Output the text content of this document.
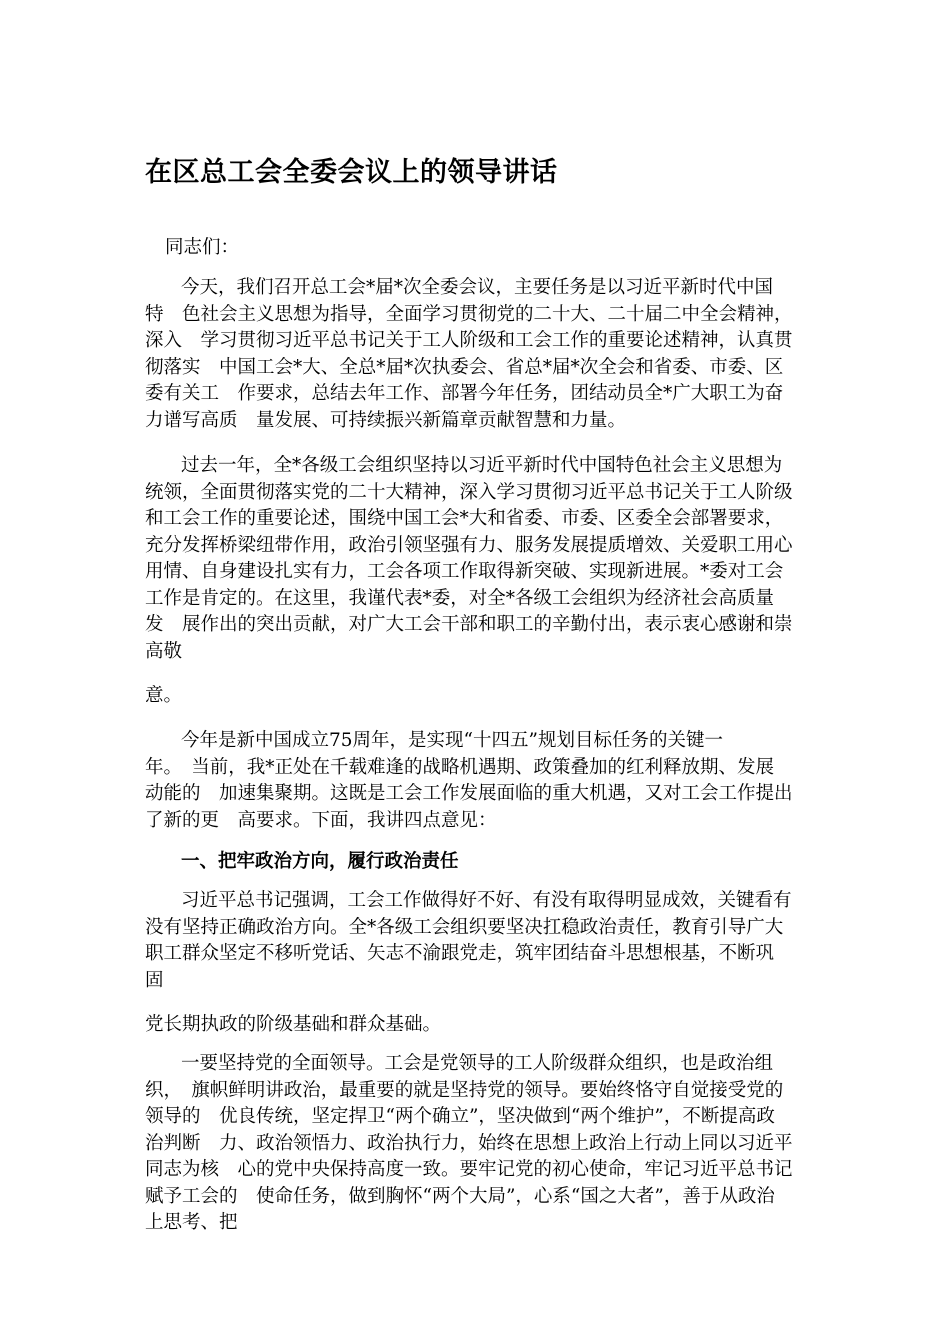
在区总工会全委会议上的领导讲话

同志们：

今天，我们召开总工会*届*次全委会议，主要任务是以习近平新时代中国
特　色社会主义思想为指导，全面学习贯彻党的二十大、二十届二中全会精神，
深入　学习贯彻习近平总书记关于工人阶级和工会工作的重要论述精神，认真贯
彻落实　中国工会*大、全总*届*次执委会、省总*届*次全会和省委、市委、区
委有关工　作要求，总结去年工作、部署今年任务，团结动员全*广大职工为奋
力谱写高质　量发展、可持续振兴新篇章贡献智慧和力量。

过去一年，全*各级工会组织坚持以习近平新时代中国特色社会主义思想为
统领，全面贯彻落实党的二十大精神，深入学习贯彻习近平总书记关于工人阶级
和工会工作的重要论述，围绕中国工会*大和省委、市委、区委全会部署要求，
充分发挥桥梁纽带作用，政治引领坚强有力、服务发展提质增效、关爱职工用心
用情、自身建设扎实有力，工会各项工作取得新突破、实现新进展。*委对工会
工作是肯定的。在这里，我谨代表*委，对全*各级工会组织为经济社会高质量
发　展作出的突出贡献，对广大工会干部和职工的辛勤付出，表示衷心感谢和崇
高敬

意。

今年是新中国成立75周年，是实现“十四五”规划目标任务的关键一
年。　当前，我*正处在千载难逢的战略机遇期、政策叠加的红利释放期、发展
动能的　加速集聚期。这既是工会工作发展面临的重大机遇，又对工会工作提出
了新的更　高要求。下面，我讲四点意见：

一、把牢政治方向，履行政治责任

习近平总书记强调，工会工作做得好不好、有没有取得明显成效，关键看有
没有坚持正确政治方向。全*各级工会组织要坚决扛稳政治责任，教育引导广大
职工群众坚定不移听党话、矢志不渝跟党走，筑牢团结奋斗思想根基，不断巩
固

党长期执政的阶级基础和群众基础。

一要坚持党的全面领导。工会是党领导的工人阶级群众组织，也是政治组
织，　旗帜鲜明讲政治，最重要的就是坚持党的领导。要始终恪守自觉接受党的
领导的　优良传统，坚定捍卫“两个确立”，坚决做到“两个维护”，不断提高政
治判断　力、政治领悟力、政治执行力，始终在思想上政治上行动上同以习近平
同志为核　心的党中央保持高度一致。要牢记党的初心使命，牢记习近平总书记
赋予工会的　使命任务，做到胸怀“两个大局”，心系“国之大者”，善于从政治
上思考、把
